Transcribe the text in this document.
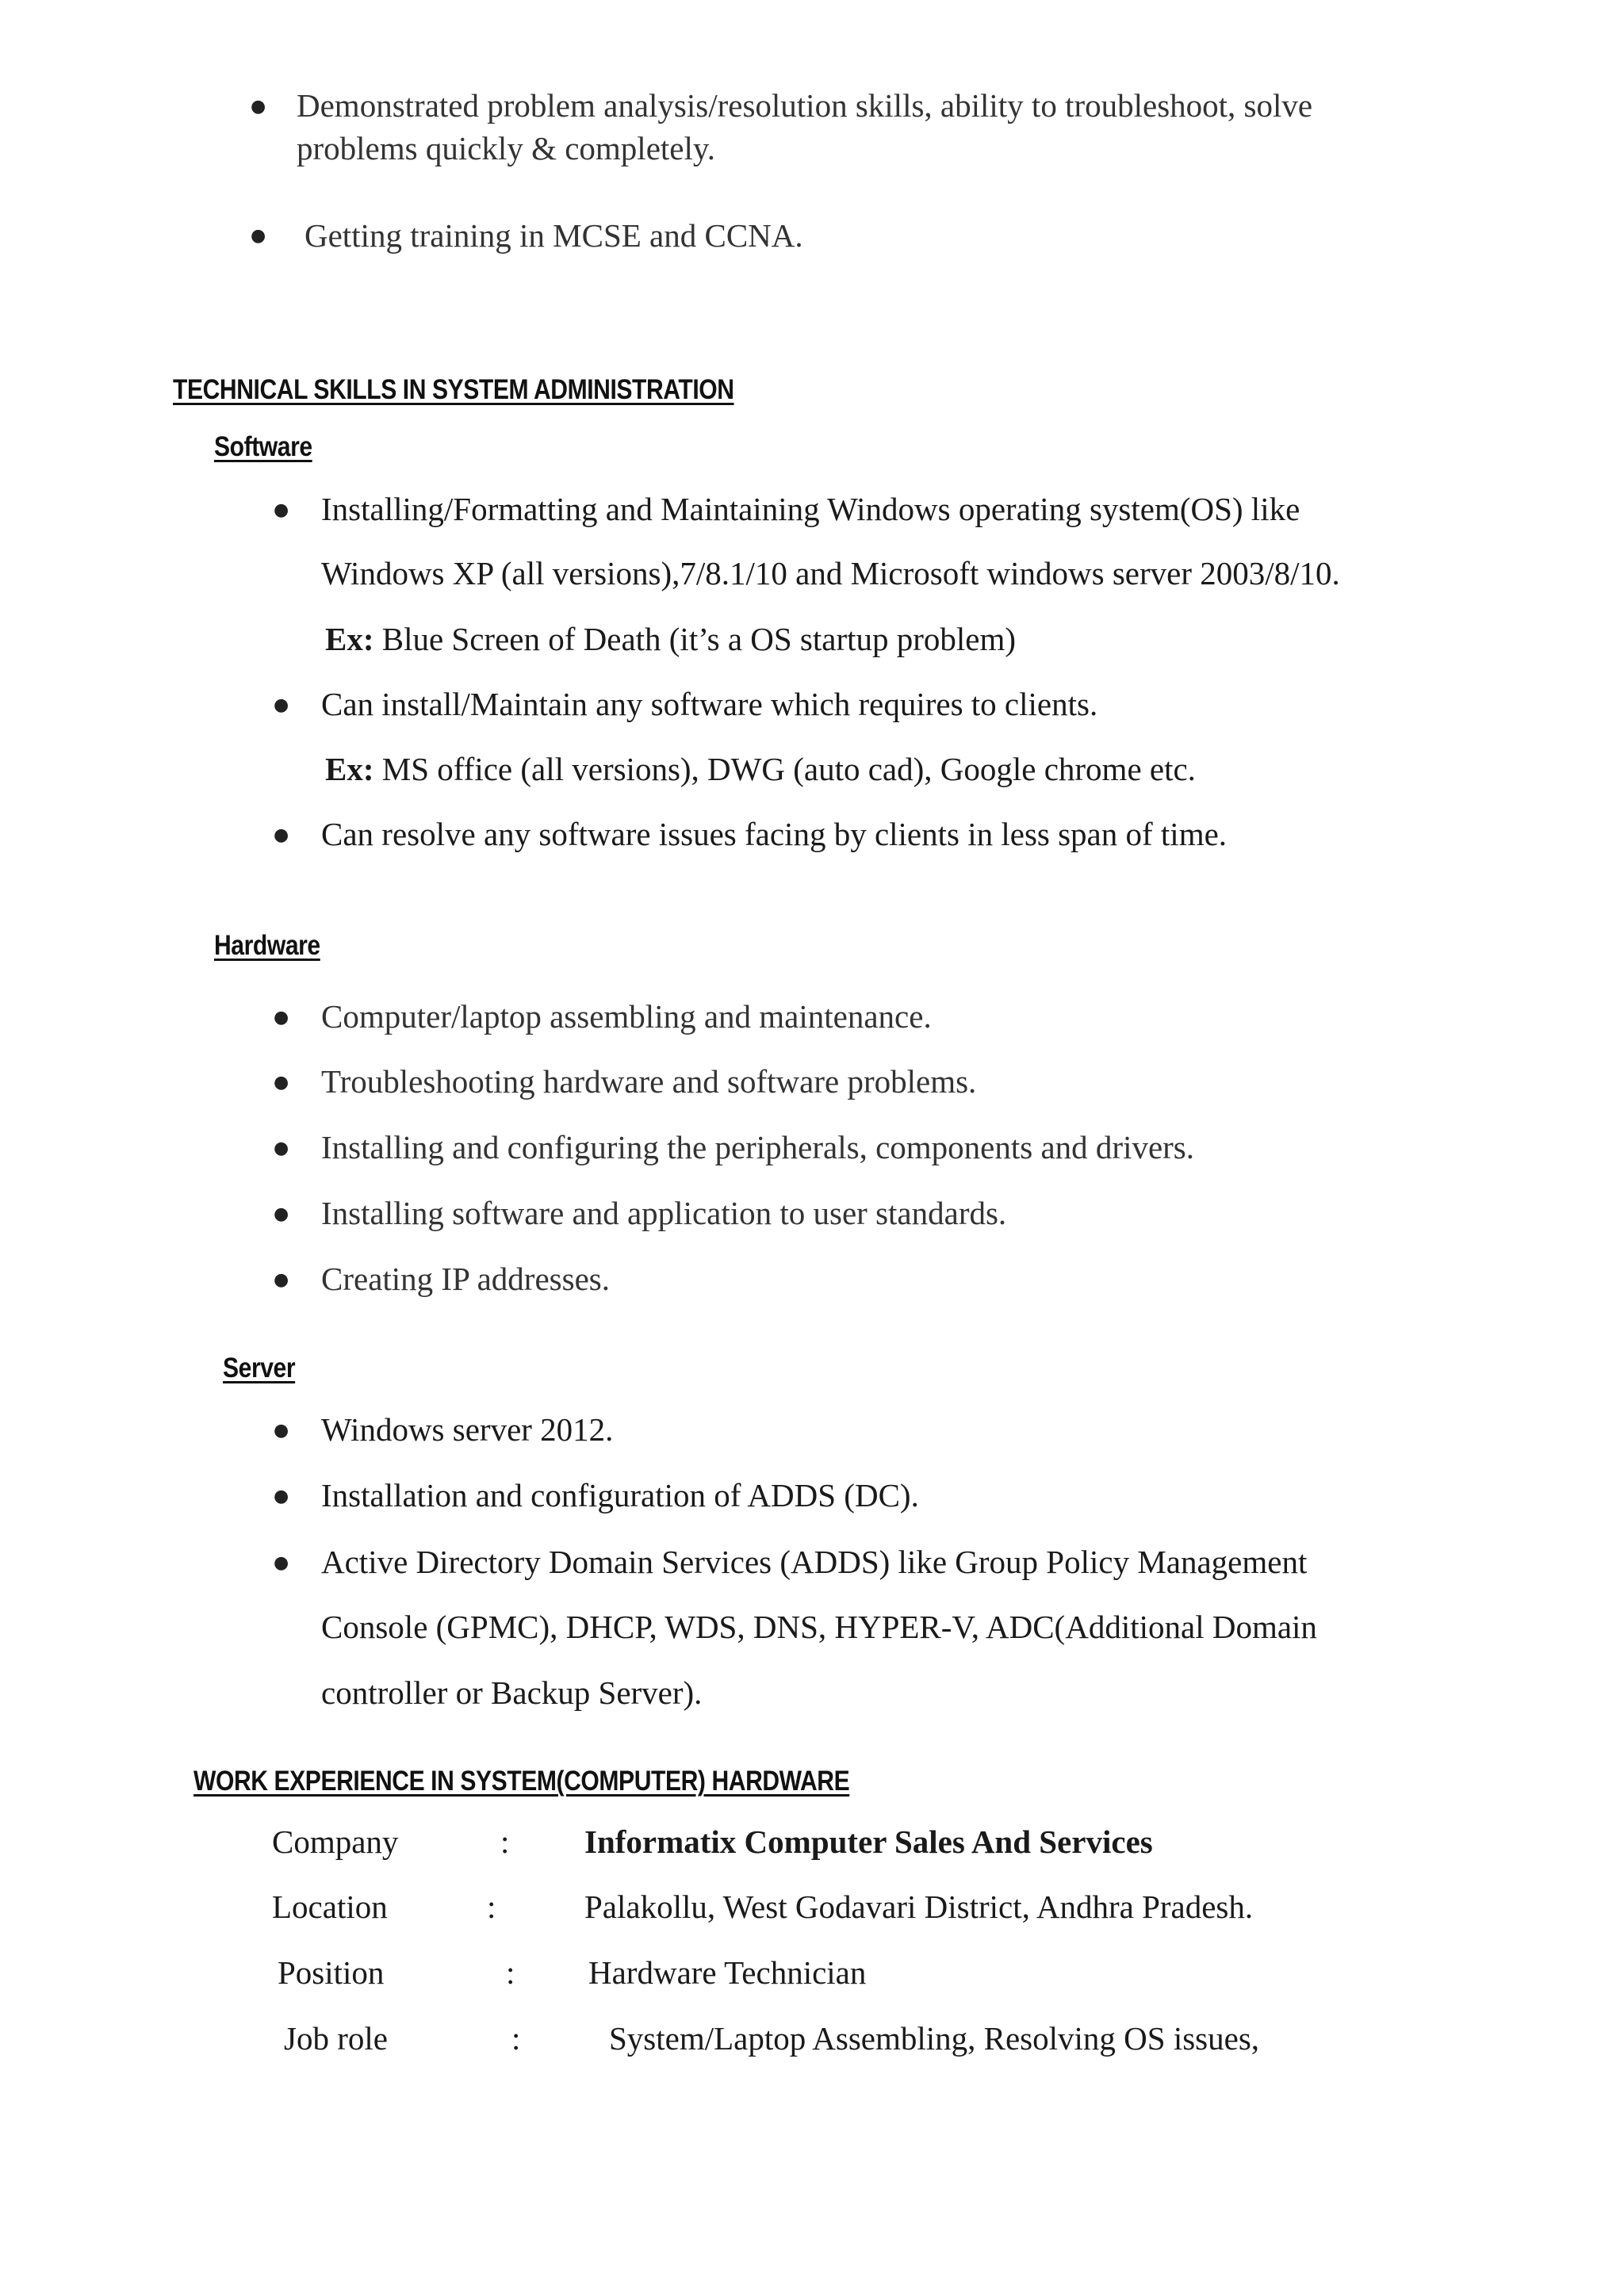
● Demonstrated problem analysis/resolution skills, ability to troubleshoot, solve
problems quickly & completely.
● Getting training in MCSE and CCNA.
TECHNICAL SKILLS IN SYSTEM ADMINISTRATION
Software
● Installing/Formatting and Maintaining Windows operating system(OS) like
Windows XP (all versions),7/8.1/10 and Microsoft windows server 2003/8/10.
Ex: Blue Screen of Death (it’s a OS startup problem)
● Can install/Maintain any software which requires to clients.
Ex: MS office (all versions), DWG (auto cad), Google chrome etc.
● Can resolve any software issues facing by clients in less span of time.
Hardware
● Computer/laptop assembling and maintenance.
● Troubleshooting hardware and software problems.
● Installing and configuring the peripherals, components and drivers.
● Installing software and application to user standards.
● Creating IP addresses.
Server
● Windows server 2012.
● Installation and configuration of ADDS (DC).
● Active Directory Domain Services (ADDS) like Group Policy Management
Console (GPMC), DHCP, WDS, DNS, HYPER-V, ADC(Additional Domain
controller or Backup Server).
WORK EXPERIENCE IN SYSTEM(COMPUTER) HARDWARE
Company	: Informatix Computer Sales And Services
Location	:	Palakollu, West Godavari District, Andhra Pradesh.
Position	: Hardware Technician
Job role	:	System/Laptop Assembling, Resolving OS issues,
